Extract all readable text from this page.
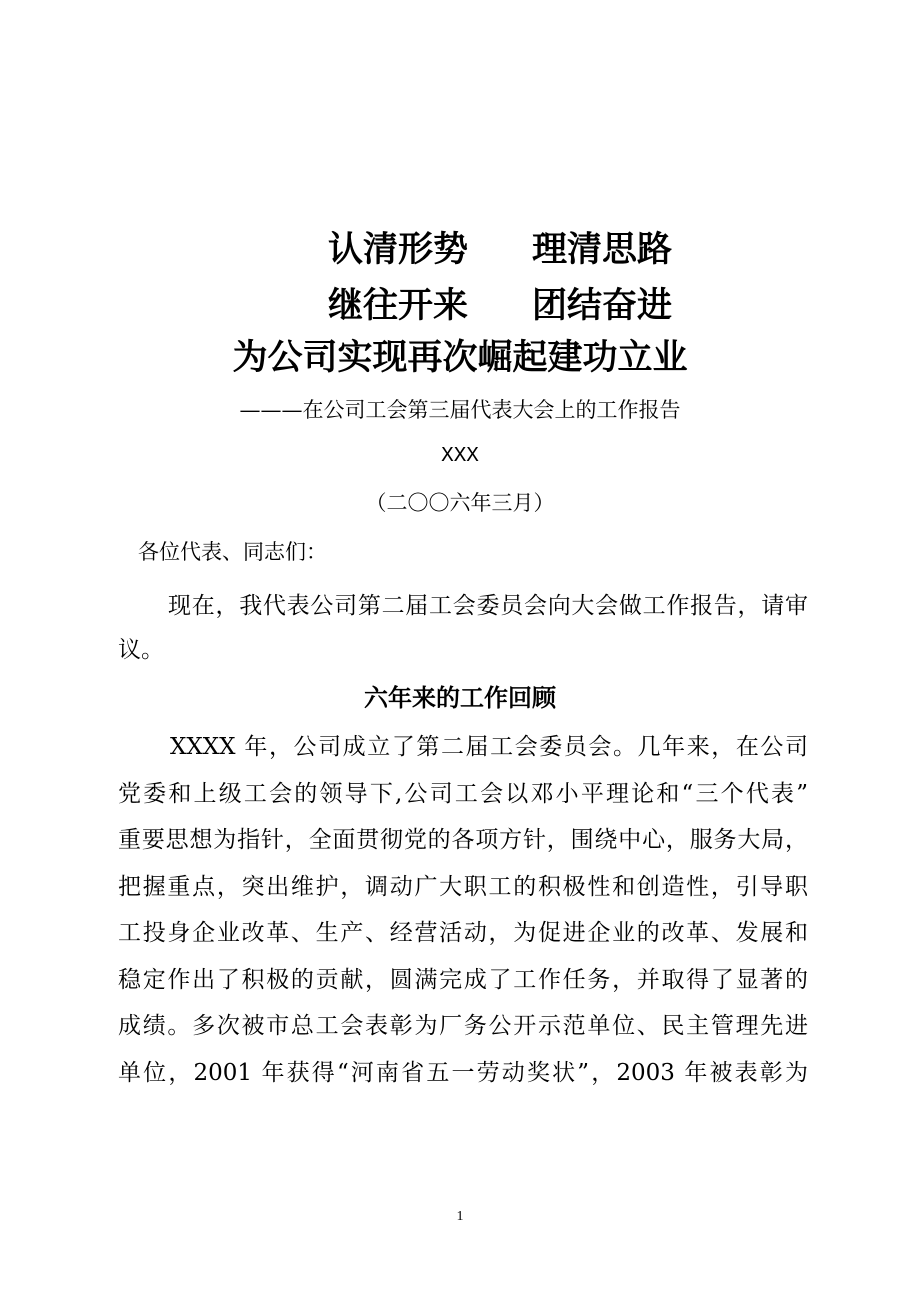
认清形势 理清思路
继往开来 团结奋进
为公司实现再次崛起建功立业
———在公司工会第三届代表大会上的工作报告
XXX
（二〇〇六年三月）
各位代表、同志们：
现在，我代表公司第二届工会委员会向大会做工作报告，请审议。
六年来的工作回顾
XXXX 年，公司成立了第二届工会委员会。几年来，在公司
党委和上级工会的领导下,公司工会以邓小平理论和“三个代表”
重要思想为指针，全面贯彻党的各项方针，围绕中心，服务大局，
把握重点，突出维护，调动广大职工的积极性和创造性，引导职
工投身企业改革、生产、经营活动，为促进企业的改革、发展和
稳定作出了积极的贡献，圆满完成了工作任务，并取得了显著的
成绩。多次被市总工会表彰为厂务公开示范单位、民主管理先进
单位，2001 年获得“河南省五一劳动奖状”，2003 年被表彰为
1
